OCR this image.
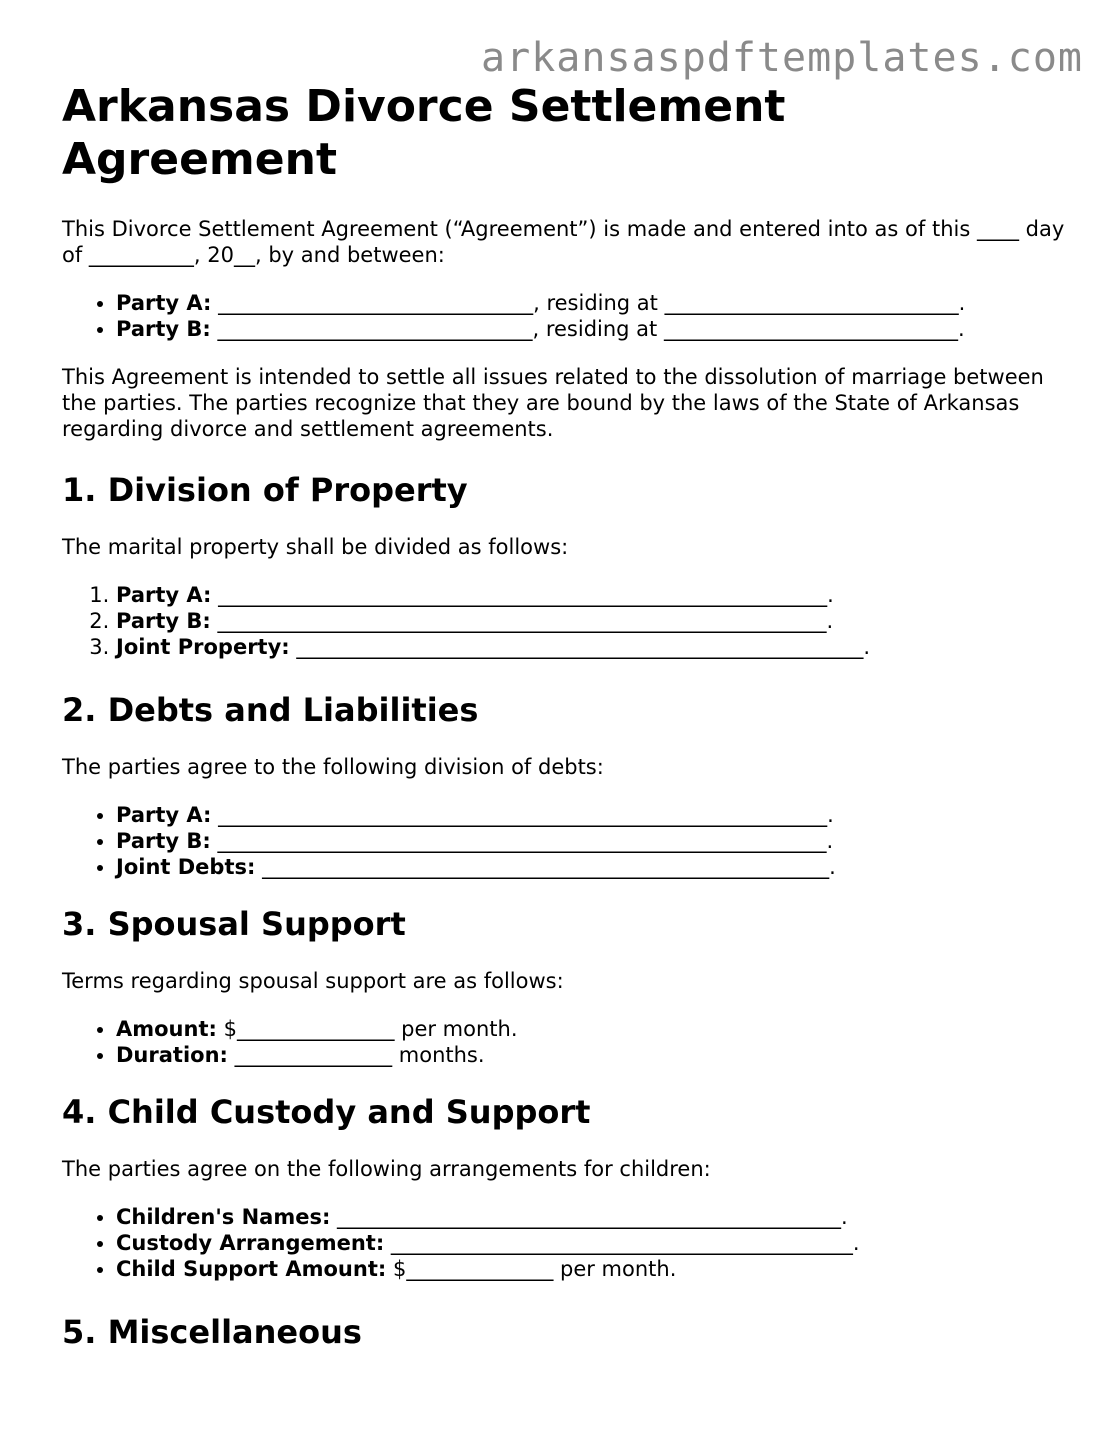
arkansaspdftemplates.com
Arkansas Divorce Settlement Agreement

This Divorce Settlement Agreement (“Agreement”) is made and entered into as of this ____ day of __________, 20__, by and between:

• Party A: ______________________________, residing at ____________________________.
• Party B: ______________________________, residing at ____________________________.

This Agreement is intended to settle all issues related to the dissolution of marriage between the parties. The parties recognize that they are bound by the laws of the State of Arkansas regarding divorce and settlement agreements.

1. Division of Property

The marital property shall be divided as follows:

1. Party A: __________________________________________________________.
2. Party B: __________________________________________________________.
3. Joint Property: ______________________________________________________.
2. Debts and Liabilities

The parties agree to the following division of debts:

• Party A: __________________________________________________________.
• Party B: __________________________________________________________.
• Joint Debts: ______________________________________________________.
3. Spousal Support

Terms regarding spousal support are as follows:

• Amount: $_______________ per month.
• Duration: _______________ months.
4. Child Custody and Support

The parties agree on the following arrangements for children:

• Children's Names: ________________________________________________.
• Custody Arrangement: ____________________________________________.
• Child Support Amount: $______________ per month.
5. Miscellaneous
